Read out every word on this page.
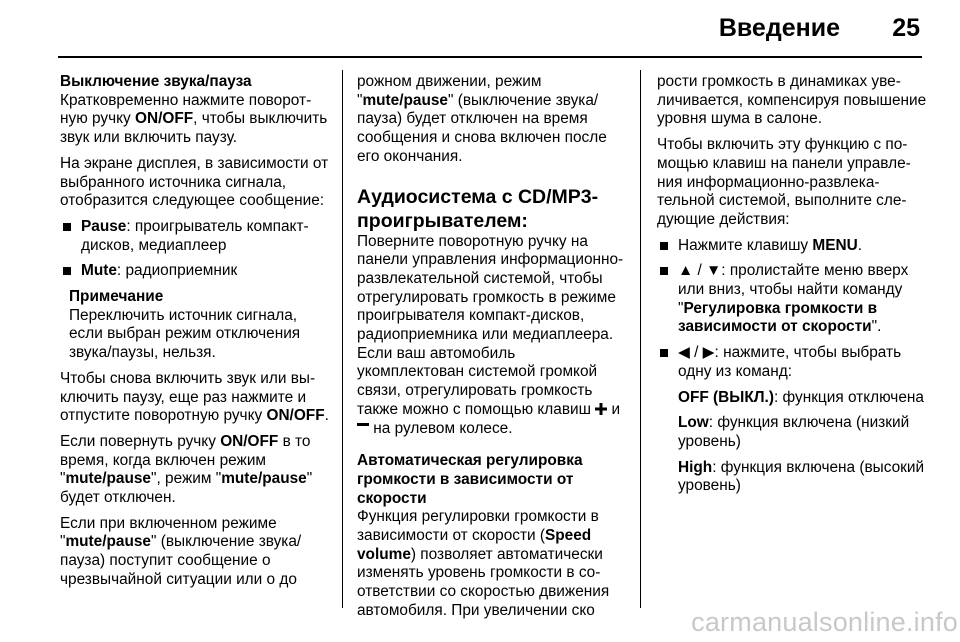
Введение 25
Выключение звука/пауза

Кратковременно нажмите поворотную ручку ON/OFF, чтобы выключить звук или включить паузу.

На экране дисплея, в зависимости от выбранного источника сигнала, отобразится следующее сообщение:

Pause: проигрыватель компакт-дисков, медиаплеер
Mute: радиоприемник
Примечание
Переключить источник сигнала, если выбран режим отключения звука/паузы, нельзя.

Чтобы снова включить звук или выключить паузу, еще раз нажмите и отпустите поворотную ручку ON/OFF.

Если повернуть ручку ON/OFF в то время, когда включен режим "mute/pause", режим "mute/pause" будет отключен.

Если при включенном режиме "mute/pause" (выключение звука/пауза) поступит сообщение о чрезвычайной ситуации или о до

рожном движении, режим "mute/pause" (выключение звука/пауза) будет отключен на время сообщения и снова включен после его окончания.

Аудиосистема с CD/MP3-проигрывателем:

Поверните поворотную ручку на панели управления информационно-развлекательной системой, чтобы отрегулировать громкость в режиме проигрывателя компакт-дисков, радиоприемника или медиаплеера. Если ваш автомобиль укомплектован системой громкой связи, отрегулировать громкость также можно с помощью клавиш  и  на рулевом колесе.

Автоматическая регулировка громкости в зависимости от скорости

Функция регулировки громкости в зависимости от скорости (Speed volume) позволяет автоматически изменять уровень громкости в соответствии со скоростью движения автомобиля. При увеличении ско

рости громкость в динамиках увеличивается, компенсируя повышение уровня шума в салоне.

Чтобы включить эту функцию с помощью клавиш на панели управления информационно-развлекательной системой, выполните следующие действия:

Нажмите клавишу MENU.
▲ / ▼: пролистайте меню вверх или вниз, чтобы найти команду "Регулировка громкости в зависимости от скорости".
◀ / ▶: нажмите, чтобы выбрать одну из команд:
OFF (ВЫКЛ.): функция отключена
Low: функция включена (низкий уровень)
High: функция включена (высокий уровень)
carmanualsonline.info
